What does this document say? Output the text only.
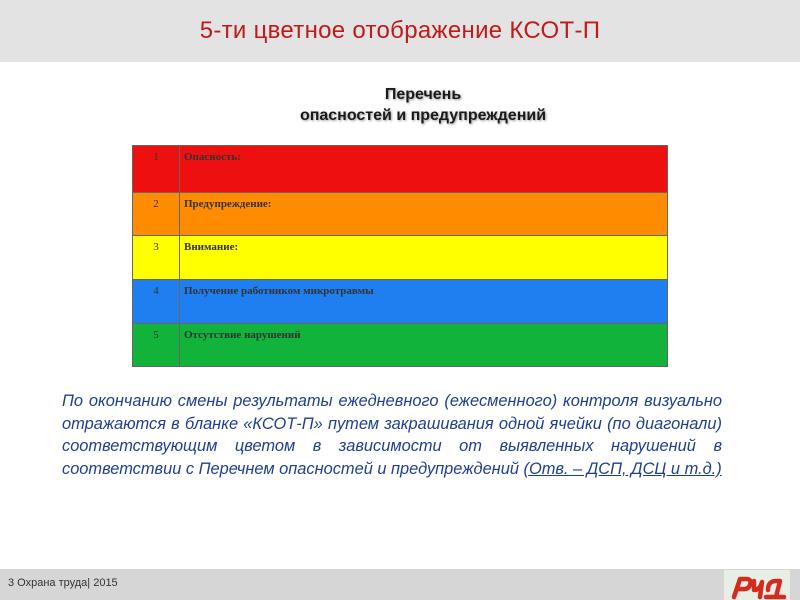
5-ти цветное отображение КСОТ-П
Перечень
опасностей и предупреждений
1	Опасность:
2	Предупреждение:
3	Внимание:
4	Получение работником микротравмы
5	Отсутствие нарушений
По окончанию смены результаты ежедневного (ежесменного) контроля визуально отражаются в бланке «КСОТ-П» путем закрашивания одной ячейки (по диагонали) соответствующим цветом в зависимости от выявленных нарушений в соответствии с Перечнем опасностей и предупреждений (Отв. – ДСП, ДСЦ и т.д.)
3 Охрана труда| 2015
